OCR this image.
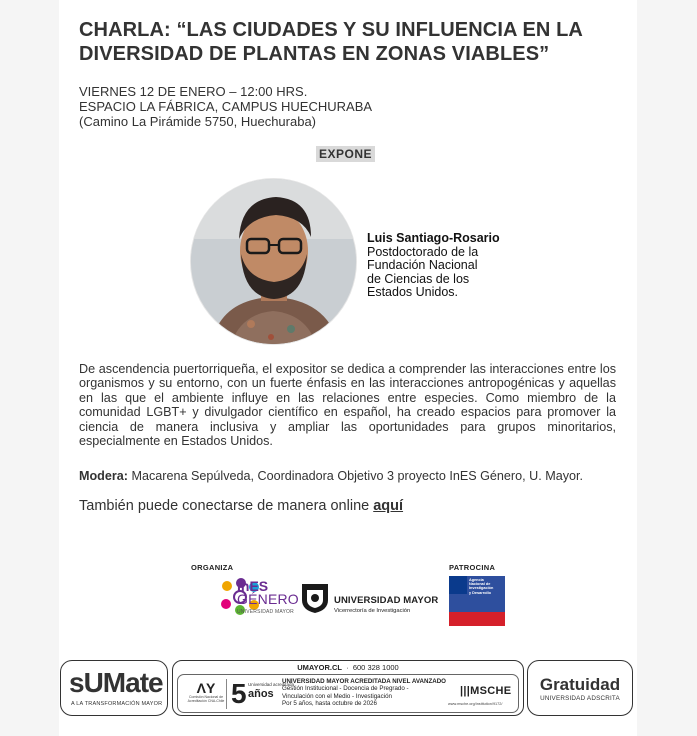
CHARLA: “LAS CIUDADES Y SU INFLUENCIA EN LA DIVERSIDAD DE PLANTAS EN ZONAS VIABLES”
VIERNES 12 DE ENERO – 12:00 HRS.
ESPACIO LA FÁBRICA, CAMPUS HUECHURABA
(Camino La Pirámide 5750, Huechuraba)
EXPONE
Luis Santiago-Rosario
Postdoctorado de la
Fundación Nacional
de Ciencias de los
Estados Unidos.

De ascendencia puertorriqueña, el expositor se dedica a comprender las interacciones entre los organismos y su entorno, con un fuerte énfasis en las interacciones antropogénicas y aquellas en las que el ambiente influye en las relaciones entre especies. Como miembro de la comunidad LGBT+ y divulgador científico en español, ha creado espacios para promover la ciencia de manera inclusiva y ampliar las oportunidades para grupos minoritarios, especialmente en Estados Unidos.

Modera: Macarena Sepúlveda, Coordinadora Objetivo 3 proyecto InES Género, U. Mayor.

También puede conectarse de manera online aquí

ORGANIZA	PATROCINA
InES
GÉNERO
UNIVERSIDAD MAYOR
UNIVERSIDAD MAYOR
Vicerrectoría de Investigación
Agencia
Nacional de
Investigación
y Desarrollo
sUMate
A LA TRANSFORMACIÓN MAYOR
UMAYOR.CL  ·  600 328 1000
ΛY
Comisión Nacional de Acreditación CNA-Chile 5 Universidad acreditada
años
UNIVERSIDAD MAYOR ACREDITADA NIVEL AVANZADO
Gestión Institucional - Docencia de Pregrado -
Vinculación con el Medio - Investigación
Por 5 años, hasta octubre de 2026
|||MSCHE
www.msche.org/institution/9172/
Gratuidad
UNIVERSIDAD ADSCRITA
